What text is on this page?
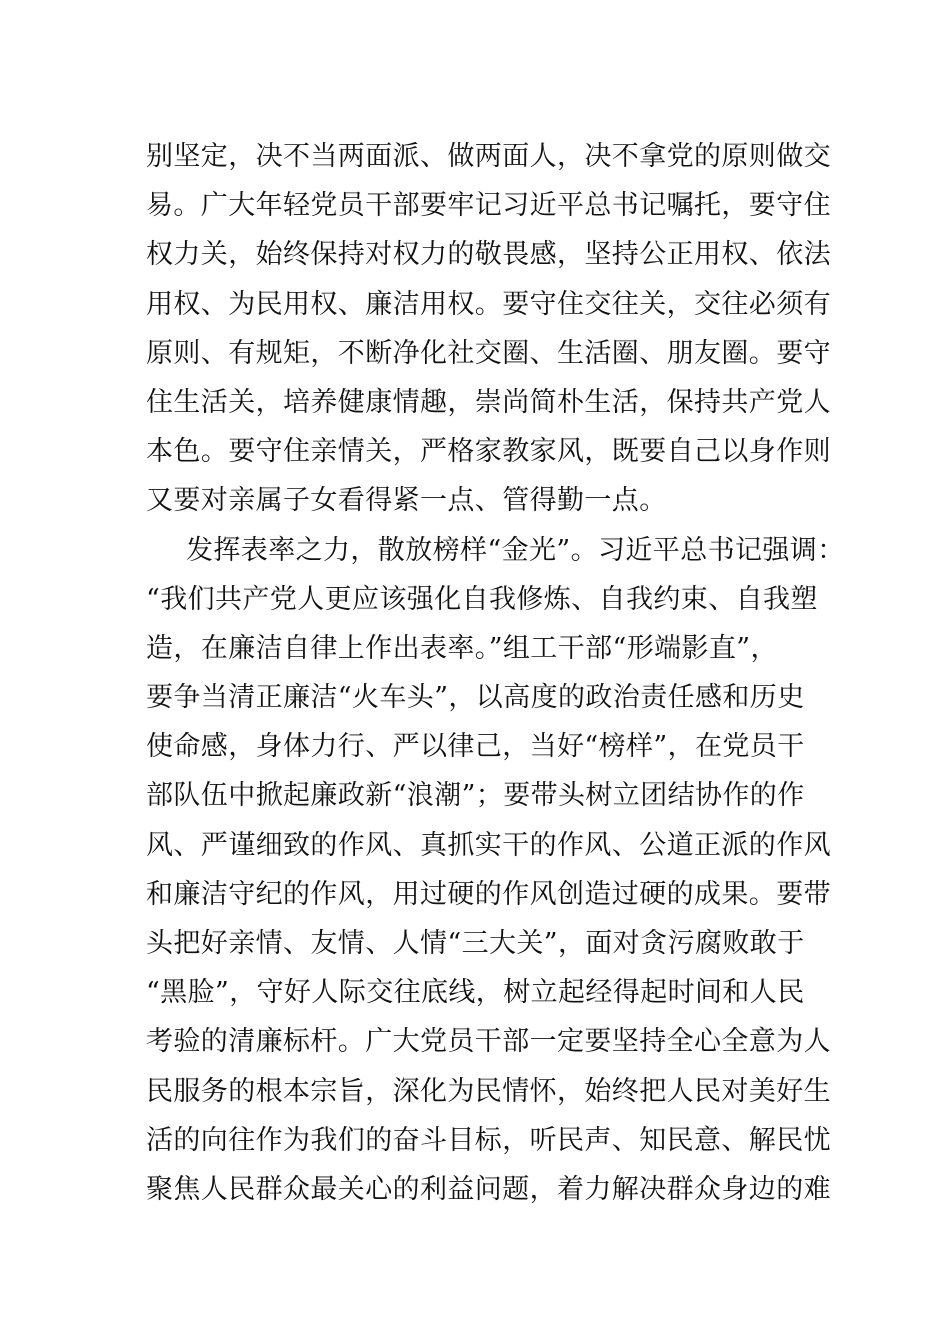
别坚定，决不当两面派、做两面人，决不拿党的原则做交
易。广大年轻党员干部要牢记习近平总书记嘱托，要守住
权力关，始终保持对权力的敬畏感，坚持公正用权、依法
用权、为民用权、廉洁用权。要守住交往关，交往必须有
原则、有规矩，不断净化社交圈、生活圈、朋友圈。要守
住生活关，培养健康情趣，崇尚简朴生活，保持共产党人
本色。要守住亲情关，严格家教家风，既要自己以身作则
又要对亲属子女看得紧一点、管得勤一点。
发挥表率之力，散放榜样“金光”。习近平总书记强调：
“我们共产党人更应该强化自我修炼、自我约束、自我塑
造，在廉洁自律上作出表率。”组工干部“形端影直”，
要争当清正廉洁“火车头”，以高度的政治责任感和历史
使命感，身体力行、严以律己，当好“榜样”，在党员干
部队伍中掀起廉政新“浪潮”；要带头树立团结协作的作
风、严谨细致的作风、真抓实干的作风、公道正派的作风
和廉洁守纪的作风，用过硬的作风创造过硬的成果。要带
头把好亲情、友情、人情“三大关”，面对贪污腐败敢于
“黑脸”，守好人际交往底线，树立起经得起时间和人民
考验的清廉标杆。广大党员干部一定要坚持全心全意为人
民服务的根本宗旨，深化为民情怀，始终把人民对美好生
活的向往作为我们的奋斗目标，听民声、知民意、解民忧
聚焦人民群众最关心的利益问题，着力解决群众身边的难
